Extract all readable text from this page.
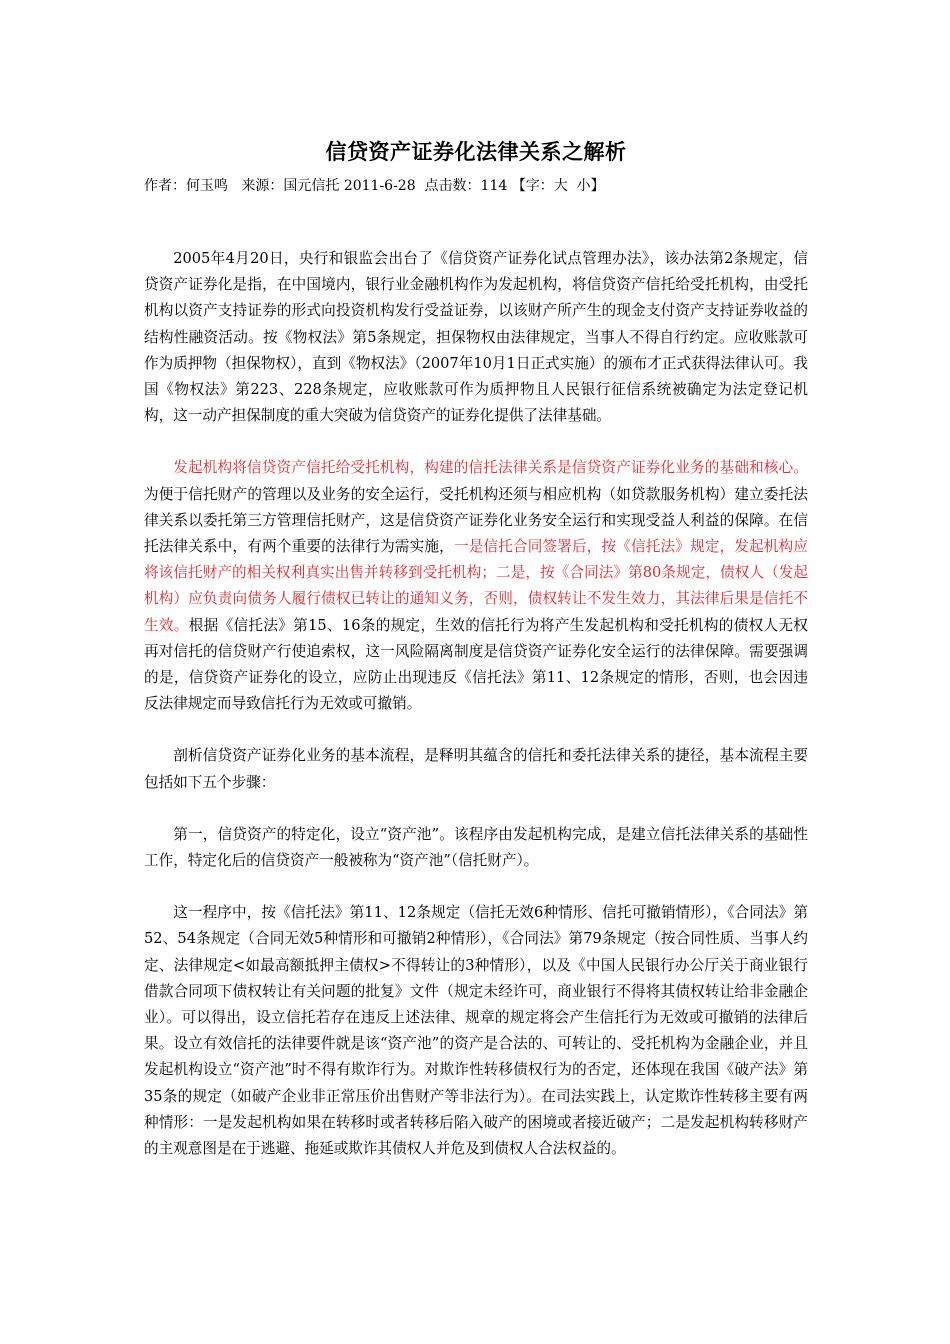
信贷资产证券化法律关系之解析
作者：何玉鸣 来源：国元信托 2011-6-28 点击数：114 【字：大 小】

2005年4月20日，央行和银监会出台了《信贷资产证券化试点管理办法》，该办法第2条规定，信贷资产证券化是指，在中国境内，银行业金融机构作为发起机构，将信贷资产信托给受托机构，由受托机构以资产支持证券的形式向投资机构发行受益证券，以该财产所产生的现金支付资产支持证券收益的结构性融资活动。按《物权法》第5条规定，担保物权由法律规定，当事人不得自行约定。应收账款可作为质押物（担保物权），直到《物权法》（2007年10月1日正式实施）的颁布才正式获得法律认可。我国《物权法》第223、228条规定，应收账款可作为质押物且人民银行征信系统被确定为法定登记机构，这一动产担保制度的重大突破为信贷资产的证券化提供了法律基础。

发起机构将信贷资产信托给受托机构，构建的信托法律关系是信贷资产证券化业务的基础和核心。为便于信托财产的管理以及业务的安全运行，受托机构还须与相应机构（如贷款服务机构）建立委托法律关系以委托第三方管理信托财产，这是信贷资产证券化业务安全运行和实现受益人利益的保障。在信托法律关系中，有两个重要的法律行为需实施，一是信托合同签署后，按《信托法》规定，发起机构应将该信托财产的相关权利真实出售并转移到受托机构；二是，按《合同法》第80条规定，债权人（发起机构）应负责向债务人履行债权已转让的通知义务，否则，债权转让不发生效力，其法律后果是信托不生效。根据《信托法》第15、16条的规定，生效的信托行为将产生发起机构和受托机构的债权人无权再对信托的信贷财产行使追索权，这一风险隔离制度是信贷资产证券化安全运行的法律保障。需要强调的是，信贷资产证券化的设立，应防止出现违反《信托法》第11、12条规定的情形，否则，也会因违反法律规定而导致信托行为无效或可撤销。

剖析信贷资产证券化业务的基本流程，是释明其蕴含的信托和委托法律关系的捷径，基本流程主要包括如下五个步骤：

第一，信贷资产的特定化，设立“资产池”。该程序由发起机构完成，是建立信托法律关系的基础性工作，特定化后的信贷资产一般被称为“资产池”（信托财产）。

这一程序中，按《信托法》第11、12条规定（信托无效6种情形、信托可撤销情形），《合同法》第52、54条规定（合同无效5种情形和可撤销2种情形），《合同法》第79条规定（按合同性质、当事人约定、法律规定<如最高额抵押主债权>不得转让的3种情形），以及《中国人民银行办公厅关于商业银行借款合同项下债权转让有关问题的批复》文件（规定未经许可，商业银行不得将其债权转让给非金融企业）。可以得出，设立信托若存在违反上述法律、规章的规定将会产生信托行为无效或可撤销的法律后果。设立有效信托的法律要件就是该“资产池”的资产是合法的、可转让的、受托机构为金融企业，并且发起机构设立“资产池”时不得有欺诈行为。对欺诈性转移债权行为的否定，还体现在我国《破产法》第35条的规定（如破产企业非正常压价出售财产等非法行为）。在司法实践上，认定欺诈性转移主要有两种情形：一是发起机构如果在转移时或者转移后陷入破产的困境或者接近破产；二是发起机构转移财产的主观意图是在于逃避、拖延或欺诈其债权人并危及到债权人合法权益的。
